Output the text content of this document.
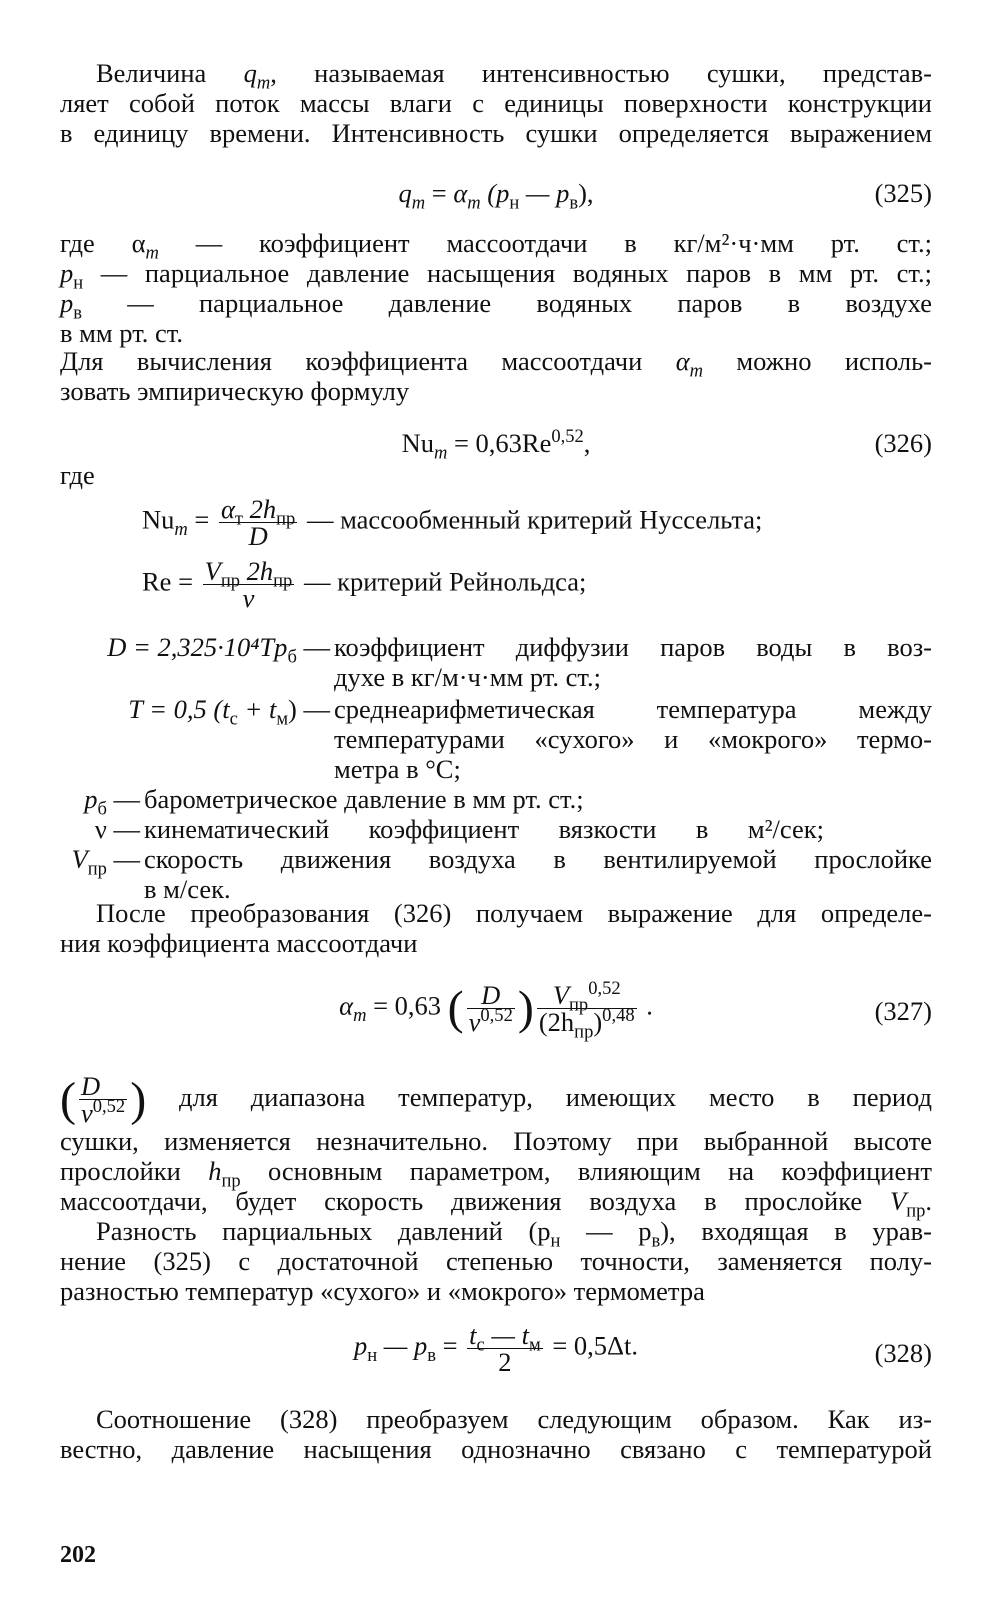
Величина $q_m$, называемая интенсивностью сушки, представ-
ляет собой поток массы влаги с единицы поверхности конструкции
в единицу времени. Интенсивность сушки определяется выражением
$q_m = \alpha_m$ ($p_н$ — $p_в$),	(325)
где $\alpha_m$ — коэффициент массоотдачи в кг/м²·ч·мм рт. ст.;
$p_н$ — парциальное давление насыщения водяных паров в мм рт. ст.;
$p_в$ — парциальное давление водяных паров в воздухе
в мм рт. ст.
Для вычисления коэффициента массоотдачи $\alpha_m$ можно исполь-
зовать эмпирическую формулу
$Nu_m = 0,63Re^{0,52}$,	(326)
где
$Nu_m = \frac{\alpha_т 2h_{пр}}{D}$ — массообменный критерий Нуссельта;
$Re = \frac{V_{пр} 2h_{пр}}{\nu}$ — критерий Рейнольдса;
$D = 2,325\cdot 10^4Tp_б$ — коэффициент диффузии паров воды в воз-
духе в кг/м·ч·мм рт. ст.;
T = 0,5 $(t_с + t_м)$ — среднеарифметическая температура между
температурами «сухого» и «мокрого» термо-
метра в °С;
$p_б$ — барометрическое давление в мм рт. ст.;
ν — кинематический коэффициент вязкости в м²/сек;
$V_{пр}$ — скорость движения воздуха в вентилируемой прослойке
в м/сек.
После преобразования (326) получаем выражение для определе-
ния коэффициента массоотдачи
$\alpha_m = 0,63$ ( $\frac{D}{\nu^{0,52}}$ ) $\frac{V_{пр}^{0,52}}{(2h_{пр})^{0,48}}$ .	(327)
( $\frac{D}{\nu^{0,52}}$ ) для диапазона температур, имеющих место в период
сушки, изменяется незначительно. Поэтому при выбранной высоте
прослойки $h_{пр}$ основным параметром, влияющим на коэффициент
массоотдачи, будет скорость движения воздуха в прослойке $V_{пр}$.
Разность парциальных давлений ($p_н$ — $p_в$), входящая в урав-
нение (325) с достаточной степенью точности, заменяется полу-
разностью температур «сухого» и «мокрого» термометра
$p_н$ — $p_в = \frac{t_с — t_м}{2} = 0,5\Delta t$.	(328)
Соотношение (328) преобразуем следующим образом. Как из-
вестно, давление насыщения однозначно связано с температурой
202
